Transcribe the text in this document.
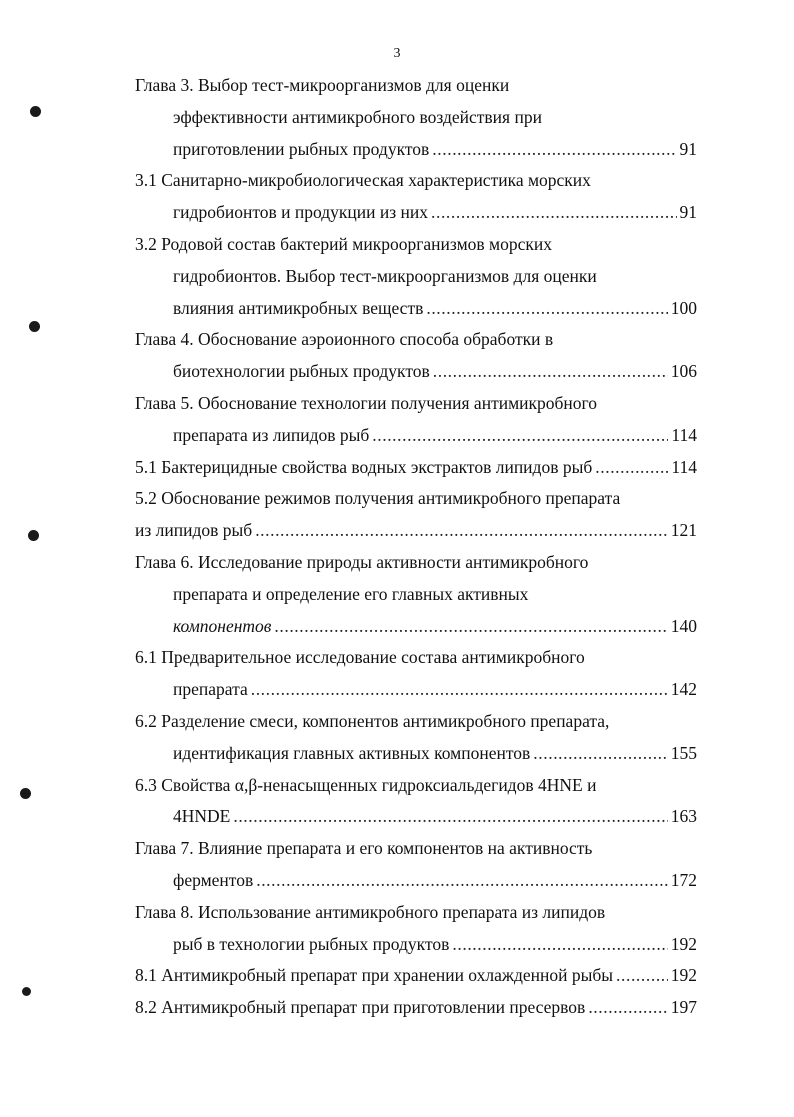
3
Глава 3. Выбор тест-микроорганизмов для оценки
эффективности антимикробного воздействия при
приготовлении рыбных продуктов .....	91
3.1 Санитарно-микробиологическая характеристика морских
гидробионтов и продукции из них .....	91
3.2 Родовой состав бактерий микроорганизмов морских
гидробионтов. Выбор тест-микроорганизмов для оценки
влияния антимикробных веществ .....	100
Глава 4. Обоснование аэроионного способа обработки в
биотехнологии рыбных продуктов .....	106
Глава 5. Обоснование технологии получения антимикробного
препарата из липидов рыб .....	114
5.1 Бактерицидные свойства водных экстрактов липидов рыб .....	114
5.2 Обоснование режимов получения антимикробного препарата
из липидов рыб .....	121
Глава 6. Исследование природы активности антимикробного
препарата и определение его главных активных
компонентов .....	140
6.1 Предварительное исследование состава антимикробного
препарата .....	142
6.2 Разделение смеси, компонентов антимикробного препарата,
идентификация главных активных компонентов .....	155
6.3 Свойства α,β-ненасыщенных гидроксиальдегидов 4HNE и
4HNDE .....	163
Глава 7. Влияние препарата и его компонентов на активность
ферментов .....	172
Глава 8. Использование антимикробного препарата из липидов
рыб в технологии рыбных продуктов .....	192
8.1 Антимикробный препарат при хранении охлажденной рыбы .....	192
8.2 Антимикробный препарат при приготовлении пресервов .....	197
